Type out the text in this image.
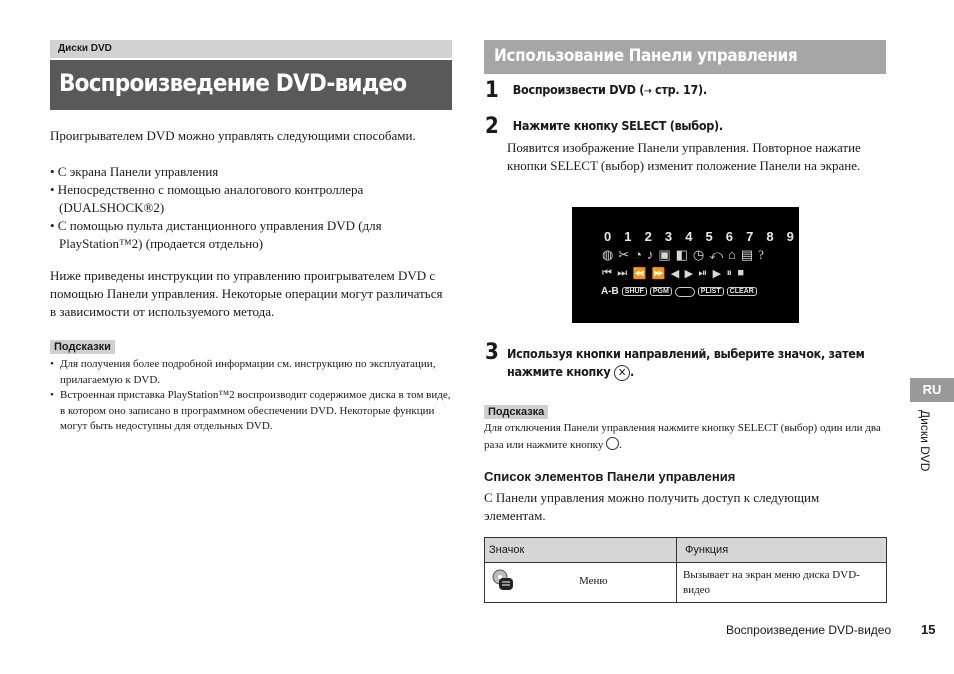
Диски DVD
Воспроизведение DVD-видео
Проигрывателем DVD можно управлять следующими способами.
• С экрана Панели управления
• Непосредственно с помощью аналогового контроллера (DUALSHOCK®2)
• С помощью пульта дистанционного управления DVD (для PlayStation™2) (продается отдельно)
Ниже приведены инструкции по управлению проигрывателем DVD с помощью Панели управления. Некоторые операции могут различаться в зависимости от используемого метода.
Подсказки
• Для получения более подробной информации см. инструкцию по эксплуатации, прилагаемую к DVD.
• Встроенная приставка PlayStation™2 воспроизводит содержимое диска в том виде, в котором оно записано в программном обеспечении DVD. Некоторые функции могут быть недоступны для отдельных DVD.
Использование Панели управления
1 Воспроизвести DVD (⇢ стр. 17).
2 Нажмите кнопку SELECT (выбор).
Появится изображение Панели управления. Повторное нажатие кнопки SELECT (выбор) изменит положение Панели на экране.
0 1 2 3 4 5 6 7 8 9
◍ ✂ ◔ ♪ ▣ ◧ ◷ ⤺ ⌂ ▤ ?
⏮ ⏭ ⏪ ⏩ ◀ ▶ ⏯ ▶ ⏸ ■
A-B SHUF	PGM	PLIST	CLEAR
3 Используя кнопки направлений, выберите значок, затем нажмите кнопку ✕ .
Подсказка
Для отключения Панели управления нажмите кнопку SELECT (выбор) один или два раза или нажмите кнопку .
Список элементов Панели управления
С Панели управления можно получить доступ к следующим элементам.
Значок	Функция

Меню	Вызывает на экран меню диска DVD-видео
RU
Диски DVD
Воспроизведение DVD-видео 15
